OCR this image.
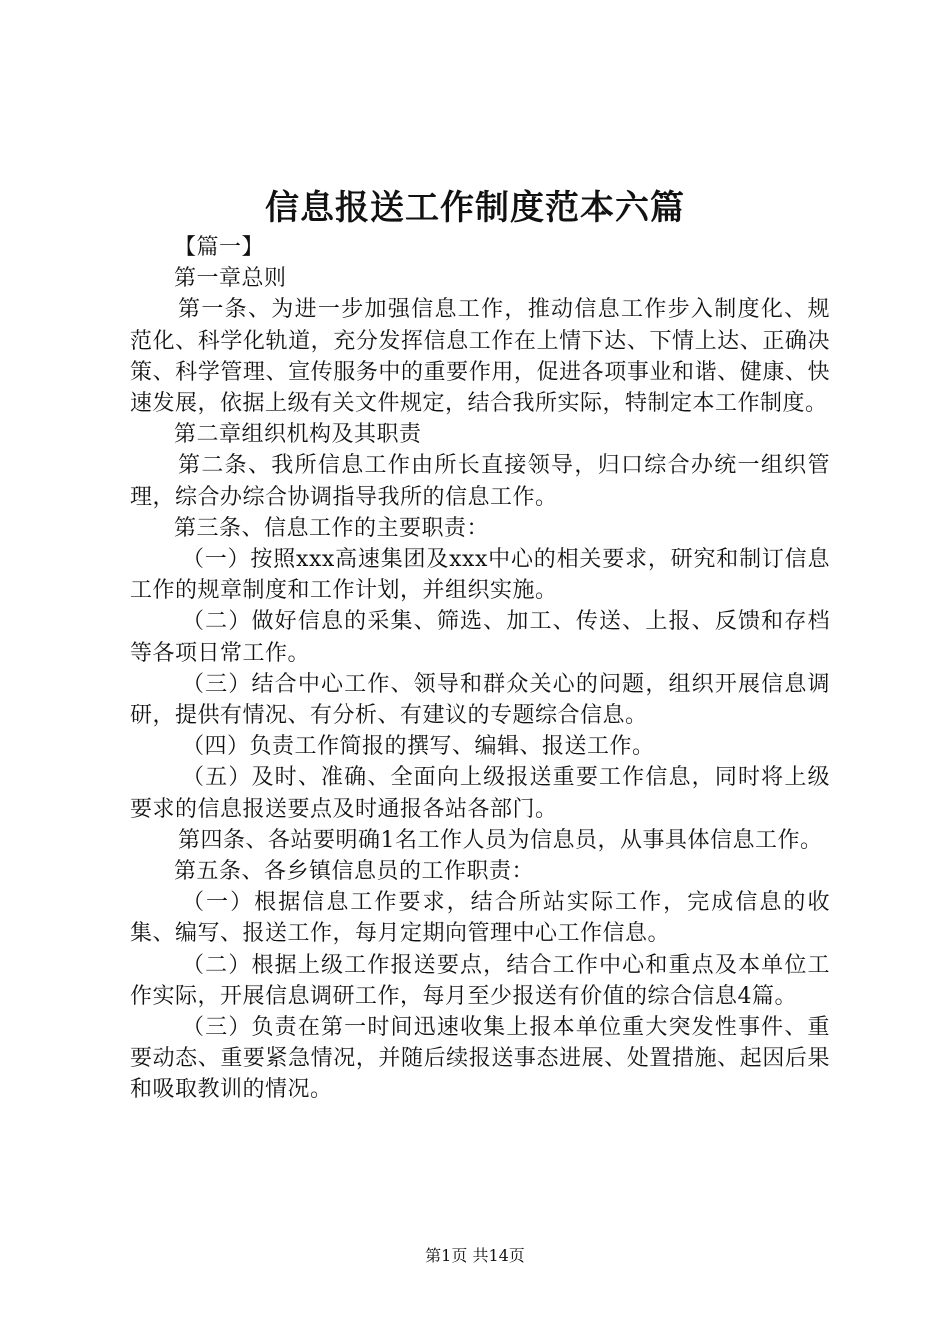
信息报送工作制度范本六篇

【篇一】

第一章总则

第一条、为进一步加强信息工作，推动信息工作步入制度化、规范化、科学化轨道，充分发挥信息工作在上情下达、下情上达、正确决策、科学管理、宣传服务中的重要作用，促进各项事业和谐、健康、快速发展，依据上级有关文件规定，结合我所实际，特制定本工作制度。

第二章组织机构及其职责

第二条、我所信息工作由所长直接领导，归口综合办统一组织管理，综合办综合协调指导我所的信息工作。

第三条、信息工作的主要职责：

（一）按照xxx高速集团及xxx中心的相关要求，研究和制订信息工作的规章制度和工作计划，并组织实施。

（二）做好信息的采集、筛选、加工、传送、上报、反馈和存档等各项日常工作。

（三）结合中心工作、领导和群众关心的问题，组织开展信息调研，提供有情况、有分析、有建议的专题综合信息。

（四）负责工作简报的撰写、编辑、报送工作。

（五）及时、准确、全面向上级报送重要工作信息，同时将上级要求的信息报送要点及时通报各站各部门。

第四条、各站要明确1名工作人员为信息员，从事具体信息工作。

第五条、各乡镇信息员的工作职责：

（一）根据信息工作要求，结合所站实际工作，完成信息的收集、编写、报送工作，每月定期向管理中心工作信息。

（二）根据上级工作报送要点，结合工作中心和重点及本单位工作实际，开展信息调研工作，每月至少报送有价值的综合信息4篇。

（三）负责在第一时间迅速收集上报本单位重大突发性事件、重要动态、重要紧急情况，并随后续报送事态进展、处置措施、起因后果和吸取教训的情况。

第1页 共14页
